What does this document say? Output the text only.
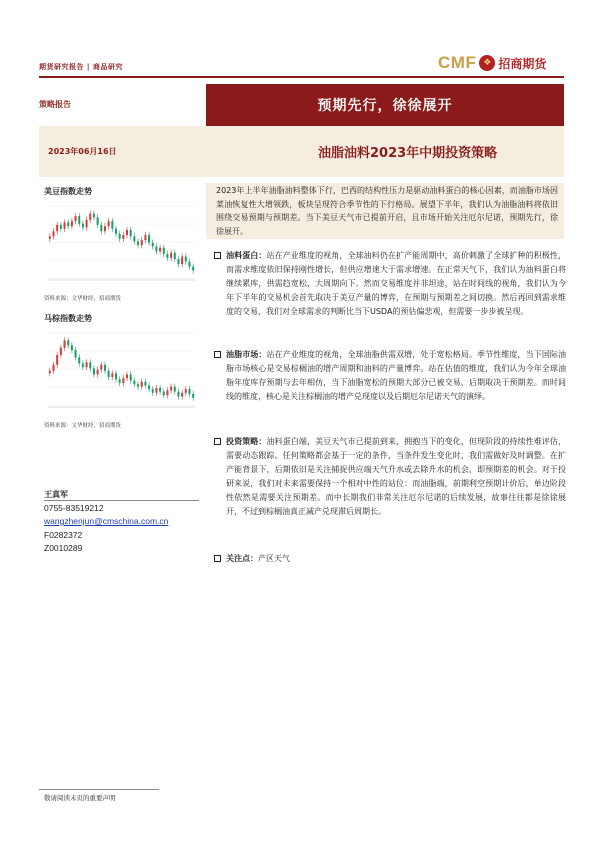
期货研究报告 | 商品研究	CMF ❖ 招商期货
策略报告	预期先行，徐徐展开
2023年06月16日	油脂油料2023年中期投资策略
美豆指数走势
资料来源：文华财经，招商期货
马棕指数走势
资料来源：文华财经，招商期货
王真军
0755-83519212
wangzhenjun@cmschina.com.cn
F0282372
Z0010289

2023年上半年油脂油料整体下行，巴西的结构性压力是驱动油料蛋白的核心因素，而油脂市场因菜油恢复性大增领跌，板块呈现符合季节性的下行格局。展望下半年，我们认为油脂油料将依旧围绕交易预期与预期差。当下美豆天气市已提前开启，且市场开始关注厄尔尼诺，预期先行，徐徐展开。

油料蛋白：站在产业维度的视角，全球油料仍在扩产能周期中，高价刺激了全球扩种的积极性，而需求维度依旧保持刚性增长，但供应增速大于需求增速。在正常天气下，我们认为油料蛋白将继续累库，供需趋宽松，大周期向下。然而交易维度并非坦途，站在时间线的视角，我们认为今年下半年的交易机会首先取决于美豆产量的博弈，在预期与预期差之间切换。然后再回到需求维度的交易，我们对全球需求的判断比当下USDA的预估偏悲观，但需要一步步被呈现。
油脂市场：站在产业维度的视角，全球油脂供需双增，处于宽松格局。季节性维度，当下国际油脂市场核心是交易棕榈油的增产周期和油料的产量博弈。站在估值的维度，我们认为今年全球油脂年度库存预期与去年相仿，当下油脂宽松的预期大部分已被交易，后期取决于预期差。而时间线的维度，核心是关注棕榈油的增产兑现度以及后期厄尔尼诺天气的演绎。
投资策略：油料蛋白端，美豆天气市已提前到来，拥抱当下的变化，但现阶段的持续性难评估，需要动态跟踪。任何策略都会基于一定的条件，当条件发生变化时，我们需做好及时调整。在扩产能背景下，后期依旧是关注捕捉供应端天气升水或去除升水的机会，即预期差的机会。对于投研来说，我们对未来需要保持一个相对中性的站位：而油脂端，前期利空预期计价后，单边阶段性依然是需要关注预期差。而中长期我们非常关注厄尔尼诺的后续发展，故事往往都是徐徐展开，不过到棕榈油真正减产兑现滞后周期长。
关注点：产区天气
敬请阅读末页的重要声明
